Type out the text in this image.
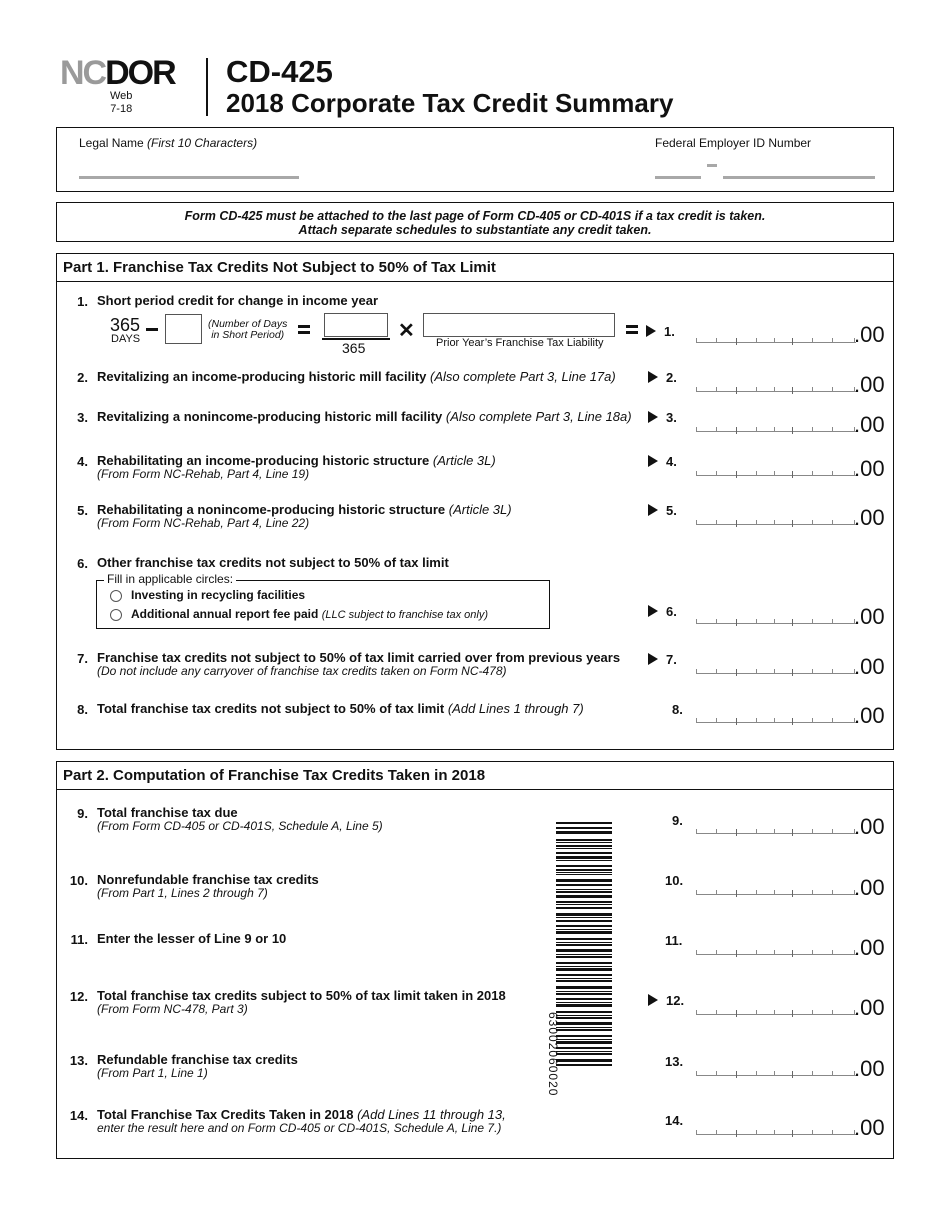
NCDOR
Web
7-18
CD-425
2018 Corporate Tax Credit Summary
Legal Name (First 10 Characters)	Federal Employer ID Number
Form CD-425 must be attached to the last page of Form CD-405 or CD-401S if a tax credit is taken.
Attach separate schedules to substantiate any credit taken.
Part 1. Franchise Tax Credits Not Subject to 50% of Tax Limit
1. Short period credit for change in income year
365
DAYS
(Number of Days
in Short Period)
365
✕
Prior Year’s Franchise Tax Liability
1.	.00
2. Revitalizing an income-producing historic mill facility (Also complete Part 3, Line 17a)	2.	.00
3. Revitalizing a nonincome-producing historic mill facility (Also complete Part 3, Line 18a)	3.	.00
4. Rehabilitating an income-producing historic structure (Article 3L)
(From Form NC-Rehab, Part 4, Line 19)
4.	.00
5. Rehabilitating a nonincome-producing historic structure (Article 3L)
(From Form NC-Rehab, Part 4, Line 22)
5.	.00
6. Other franchise tax credits not subject to 50% of tax limit
Fill in applicable circles:
Investing in recycling facilities
Additional annual report fee paid (LLC subject to franchise tax only)	6.	.00
7. Franchise tax credits not subject to 50% of tax limit carried over from previous years
(Do not include any carryover of franchise tax credits taken on Form NC-478)
7.	.00
8. Total franchise tax credits not subject to 50% of tax limit (Add Lines 1 through 7)	8.	.00
Part 2. Computation of Franchise Tax Credits Taken in 2018
63002060020
9. Total franchise tax due
(From Form CD-405 or CD-401S, Schedule A, Line 5)	9.	.00
10. Nonrefundable franchise tax credits
(From Part 1, Lines 2 through 7)
10.	.00
11. Enter the lesser of Line 9 or 10	11.	.00
12. Total franchise tax credits subject to 50% of tax limit taken in 2018
(From Form NC-478, Part 3)
12.	.00
13. Refundable franchise tax credits
(From Part 1, Line 1)
13.	.00
14. Total Franchise Tax Credits Taken in 2018 (Add Lines 11 through 13,
enter the result here and on Form CD-405 or CD-401S, Schedule A, Line 7.)	14.	.00
